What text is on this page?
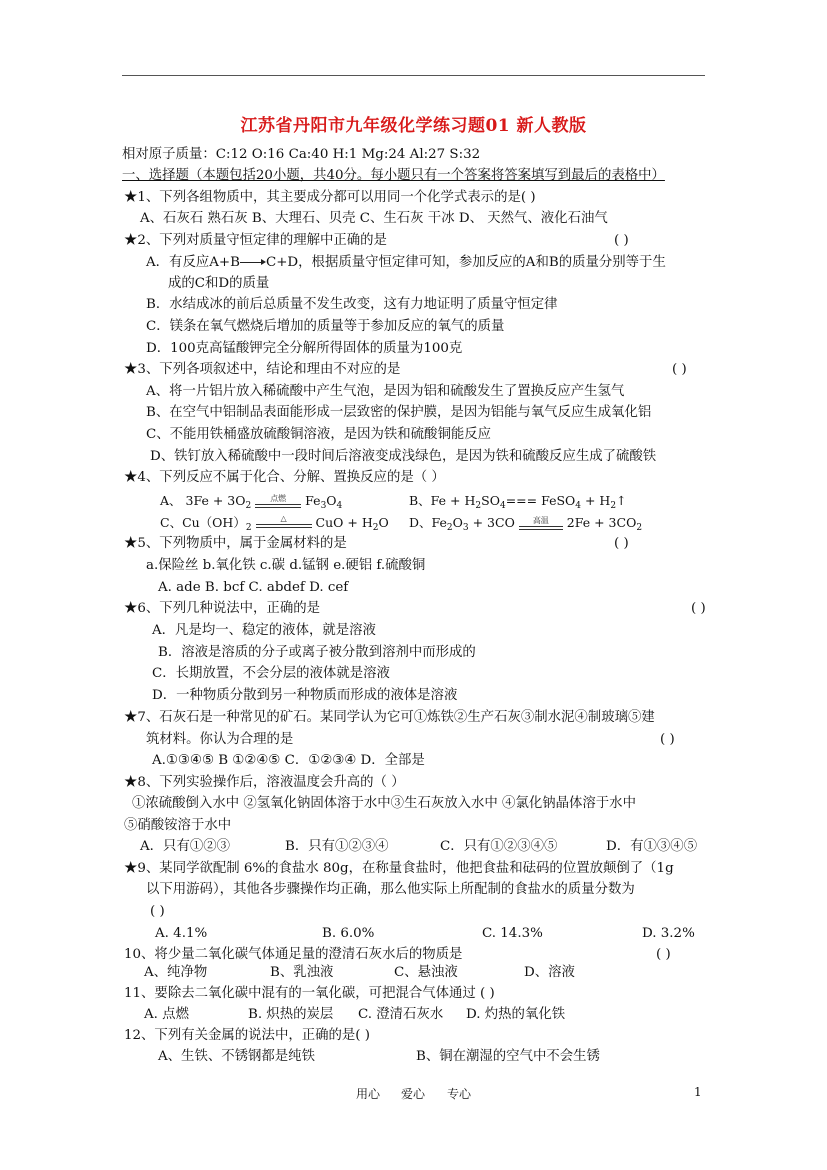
江苏省丹阳市九年级化学练习题01 新人教版
相对原子质量：C:12 O:16 Ca:40 H:1 Mg:24 Al:27 S:32
一、选择题（本题包括20小题，共40分。每小题只有一个答案将答案填写到最后的表格中）
★1、下列各组物质中，其主要成分都可以用同一个化学式表示的是( )
A、石灰石 熟石灰 B、大理石、贝壳 C、生石灰 干冰 D、 天然气、液化石油气
★2、下列对质量守恒定律的理解中正确的是	( )
A．有反应A+B C+D，根据质量守恒定律可知，参加反应的A和B的质量分别等于生
成的C和D的质量
B．水结成冰的前后总质量不发生改变，这有力地证明了质量守恒定律
C．镁条在氧气燃烧后增加的质量等于参加反应的氧气的质量
D．100克高锰酸钾完全分解所得固体的质量为100克
★3、下列各项叙述中，结论和理由不对应的是	( )
A、将一片铝片放入稀硫酸中产生气泡，是因为铝和硫酸发生了置换反应产生氢气
B、在空气中铝制品表面能形成一层致密的保护膜，是因为铝能与氧气反应生成氧化铝
C、不能用铁桶盛放硫酸铜溶液，是因为铁和硫酸铜能反应
D、铁钉放入稀硫酸中一段时间后溶液变成浅绿色，是因为铁和硫酸反应生成了硫酸铁
★4、下列反应不属于化合、分解、置换反应的是（ ）
A、 $3Fe + 3O_2$
点燃	$Fe_3O_4$	B、$Fe + H_2SO_4===$ FeSO$_4$ + $H_2↑$
C、$Cu(OH)_2$
△	CuO + $H_2O$ D、$Fe_2O_3 + 3CO$	高温	$2Fe + 3CO_2$
★5、下列物质中，属于金属材料的是	( )
a.保险丝 b.氧化铁 c.碳 d.锰钢 e.硬铝 f.硫酸铜
A. ade B. bcf C. abdef D. cef
★6、下列几种说法中，正确的是	( )
A．凡是均一、稳定的液体，就是溶液
B．溶液是溶质的分子或离子被分散到溶剂中而形成的
C．长期放置，不会分层的液体就是溶液
D．一种物质分散到另一种物质而形成的液体是溶液
★7、石灰石是一种常见的矿石。某同学认为它可①炼铁②生产石灰③制水泥④制玻璃⑤建
筑材料。你认为合理的是	( )
A.①③④⑤ B ①②④⑤ C．①②③④ D．全部是
★8、下列实验操作后，溶液温度会升高的（ ）
①浓硫酸倒入水中 ②氢氧化钠固体溶于水中③生石灰放入水中 ④氯化钠晶体溶于水中
⑤硝酸铵溶于水中
A．只有①②③	B．只有①②③④	C．只有①②③④⑤	D．有①③④⑤
★9、某同学欲配制 6%的食盐水 80g，在称量食盐时，他把食盐和砝码的位置放颠倒了（1g
以下用游码），其他各步骤操作均正确，那么他实际上所配制的食盐水的质量分数为
( )
A. 4.1%	B. 6.0%	C. 14.3%	D. 3.2%
10、将少量二氧化碳气体通足量的澄清石灰水后的物质是	( )
A、纯净物	B、乳浊液	C、悬浊液	D、溶液
11、要除去二氧化碳中混有的一氧化碳，可把混合气体通过 ( )
A. 点燃	B. 炽热的炭层 C. 澄清石灰水 D. 灼热的氧化铁
12、下列有关金属的说法中，正确的是( )
A、生铁、不锈钢都是纯铁	B、铜在潮湿的空气中不会生锈
用心 爱心 专心	1
